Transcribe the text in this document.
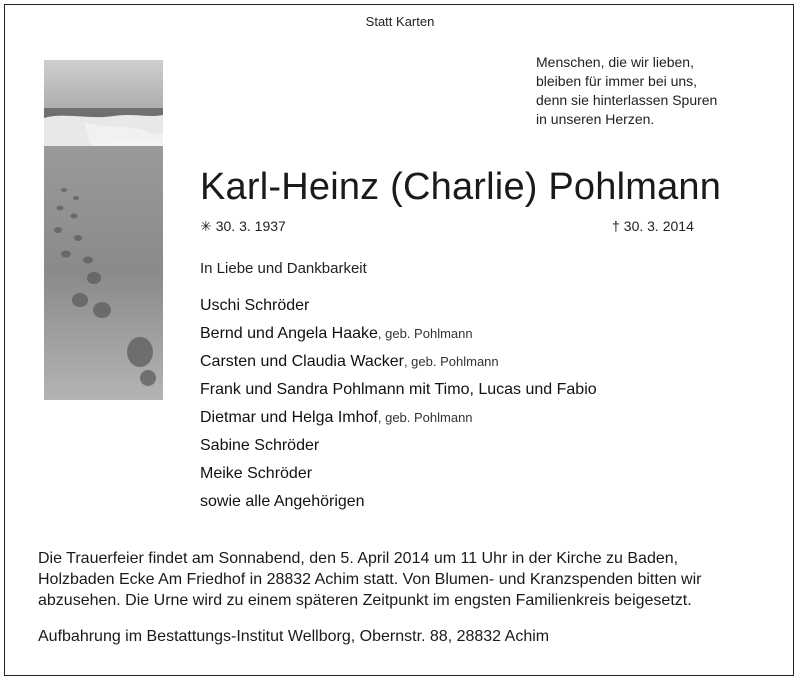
Statt Karten
Menschen, die wir lieben,
bleiben für immer bei uns,
denn sie hinterlassen Spuren
in unseren Herzen.
Karl-Heinz (Charlie) Pohlmann
✳ 30. 3. 1937	† 30. 3. 2014
In Liebe und Dankbarkeit
Uschi Schröder
Bernd und Angela Haake, geb. Pohlmann
Carsten und Claudia Wacker, geb. Pohlmann
Frank und Sandra Pohlmann mit Timo, Lucas und Fabio
Dietmar und Helga Imhof, geb. Pohlmann
Sabine Schröder
Meike Schröder
sowie alle Angehörigen
Die Trauerfeier findet am Sonnabend, den 5. April 2014 um 11 Uhr in der Kirche zu Baden,
Holzbaden Ecke Am Friedhof in 28832 Achim statt. Von Blumen- und Kranzspenden bitten wir
abzusehen. Die Urne wird zu einem späteren Zeitpunkt im engsten Familienkreis beigesetzt.
Aufbahrung im Bestattungs-Institut Wellborg, Obernstr. 88, 28832 Achim
